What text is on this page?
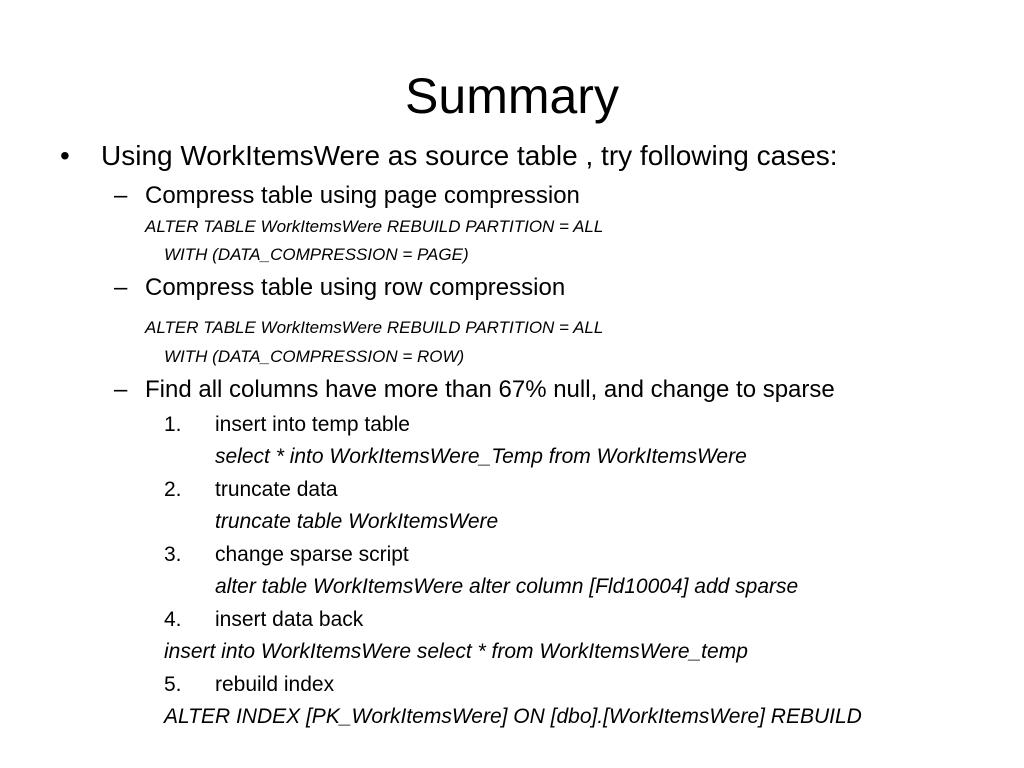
Summary
• Using WorkItemsWere as source table , try following cases:
– Compress table using page compression
ALTER TABLE WorkItemsWere REBUILD PARTITION = ALL
WITH (DATA_COMPRESSION = PAGE)
– Compress table using row compression
ALTER TABLE WorkItemsWere REBUILD PARTITION = ALL
WITH (DATA_COMPRESSION = ROW)
– Find all columns have more than 67% null, and change to sparse
1. insert into temp table
select * into WorkItemsWere_Temp from WorkItemsWere
2. truncate data
truncate table WorkItemsWere
3. change sparse script
alter table WorkItemsWere alter column [Fld10004] add sparse
4. insert data back
insert into WorkItemsWere select * from WorkItemsWere_temp
5. rebuild index
ALTER INDEX [PK_WorkItemsWere] ON [dbo].[WorkItemsWere] REBUILD
